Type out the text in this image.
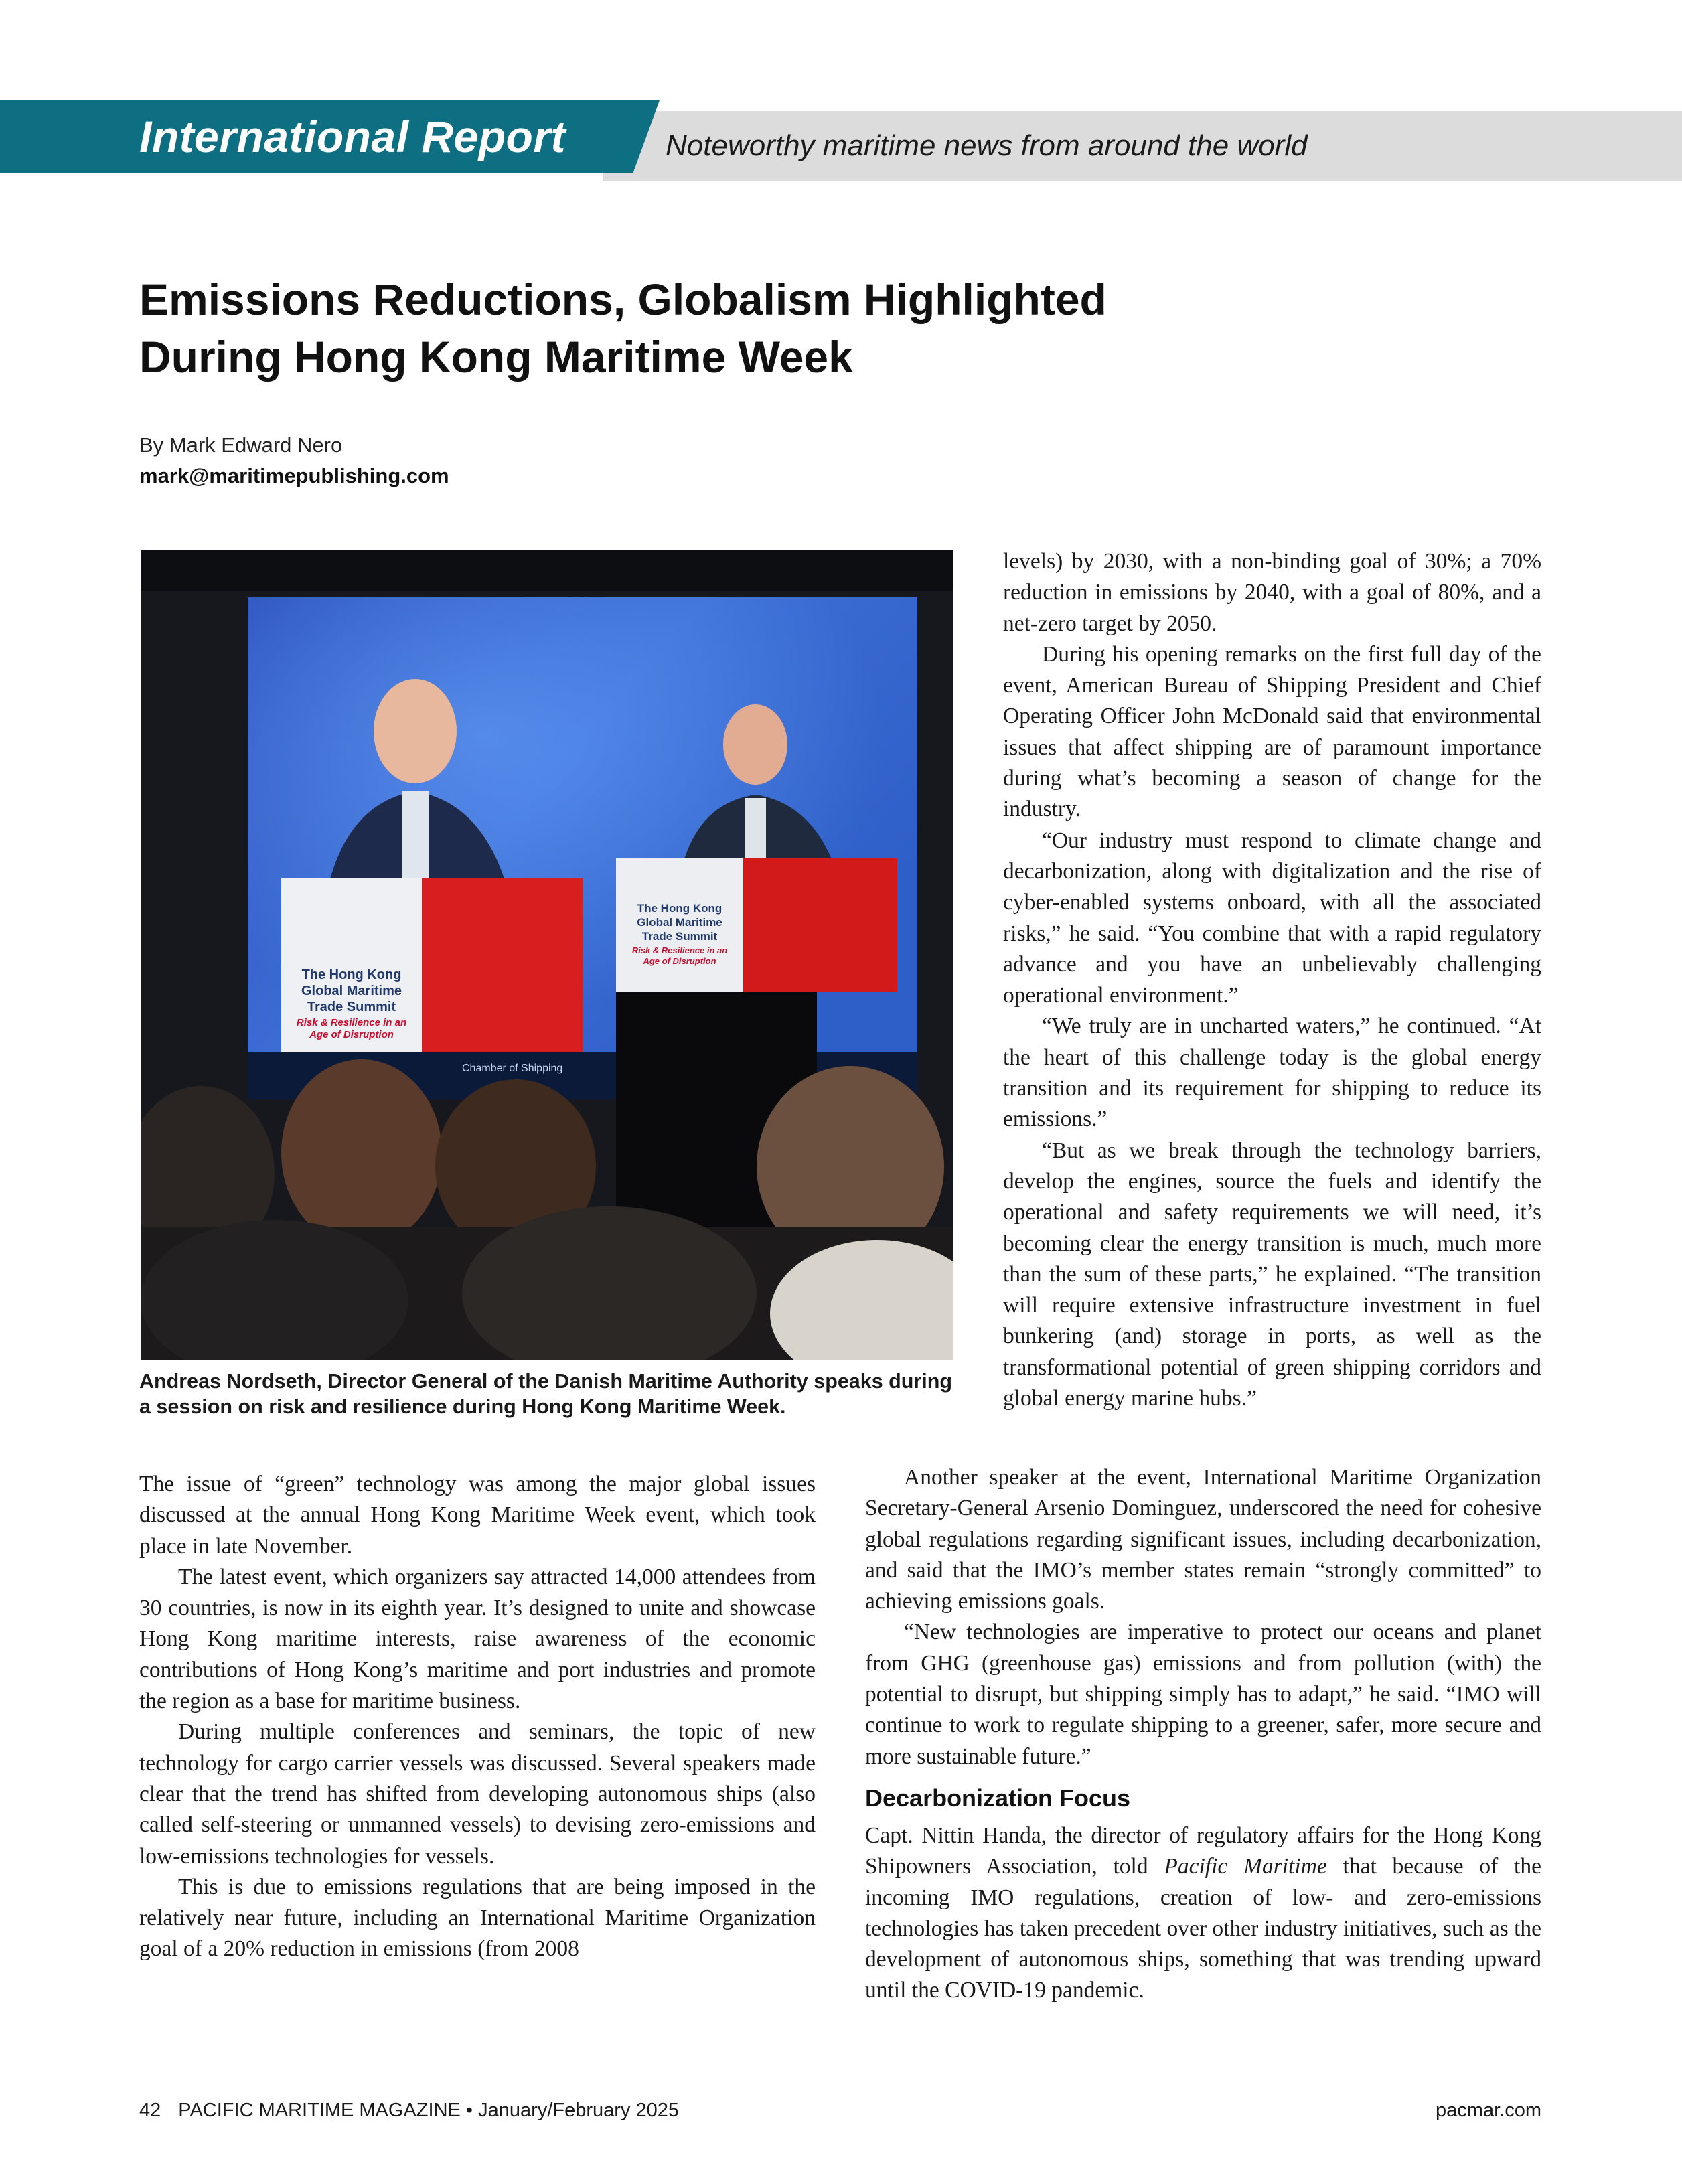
International Report	Noteworthy maritime news from around the world
Emissions Reductions, Globalism Highlighted
During Hong Kong Maritime Week
By Mark Edward Nero
mark@maritimepublishing.com
The Hong Kong
Global Maritime
Trade Summit
Risk & Resilience in an
Age of Disruption
Chamber of Shipping
The Hong Kong
Global Maritime
Trade Summit
Risk & Resilience in an
Age of Disruption
Andreas Nordseth, Director General of the Danish Maritime Authority speaks during a session on risk and resilience during Hong Kong Maritime Week.

levels) by 2030, with a non-binding goal of 30%; a 70% reduction in emissions by 2040, with a goal of 80%, and a net-zero target by 2050.

During his opening remarks on the first full day of the event, American Bureau of Shipping President and Chief Operating Officer John McDonald said that environmental issues that affect shipping are of paramount importance during what’s becoming a season of change for the industry.

“Our industry must respond to climate change and decarbonization, along with digitalization and the rise of cyber-enabled systems onboard, with all the associated risks,” he said. “You combine that with a rapid regulatory advance and you have an unbelievably challenging operational environment.”

“We truly are in uncharted waters,” he continued. “At the heart of this challenge today is the global energy transition and its requirement for shipping to reduce its emissions.”

“But as we break through the technology barriers, develop the engines, source the fuels and identify the operational and safety requirements we will need, it’s becoming clear the energy transition is much, much more than the sum of these parts,” he explained. “The transition will require extensive infrastructure investment in fuel bunkering (and) storage in ports, as well as the transformational potential of green shipping corridors and global energy marine hubs.”

The issue of “green” technology was among the major global issues discussed at the annual Hong Kong Maritime Week event, which took place in late November.

The latest event, which organizers say attracted 14,000 attendees from 30 countries, is now in its eighth year. It’s designed to unite and showcase Hong Kong maritime interests, raise awareness of the economic contributions of Hong Kong’s maritime and port industries and promote the region as a base for maritime business.

During multiple conferences and seminars, the topic of new technology for cargo carrier vessels was discussed. Several speakers made clear that the trend has shifted from developing autonomous ships (also called self-steering or unmanned vessels) to devising zero-emissions and low-emissions technologies for vessels.

This is due to emissions regulations that are being imposed in the relatively near future, including an International Maritime Organization goal of a 20% reduction in emissions (from 2008

Another speaker at the event, International Maritime Organization Secretary-General Arsenio Dominguez, underscored the need for cohesive global regulations regarding significant issues, including decarbonization, and said that the IMO’s member states remain “strongly committed” to achieving emissions goals.

“New technologies are imperative to protect our oceans and planet from GHG (greenhouse gas) emissions and from pollution (with) the potential to disrupt, but shipping simply has to adapt,” he said. “IMO will continue to work to regulate shipping to a greener, safer, more secure and more sustainable future.”

Decarbonization Focus

Capt. Nittin Handa, the director of regulatory affairs for the Hong Kong Shipowners Association, told Pacific Maritime that because of the incoming IMO regulations, creation of low- and zero-emissions technologies has taken precedent over other industry initiatives, such as the development of autonomous ships, something that was trending upward until the COVID-19 pandemic.

42 PACIFIC MARITIME MAGAZINE • January/February 2025	pacmar.com
